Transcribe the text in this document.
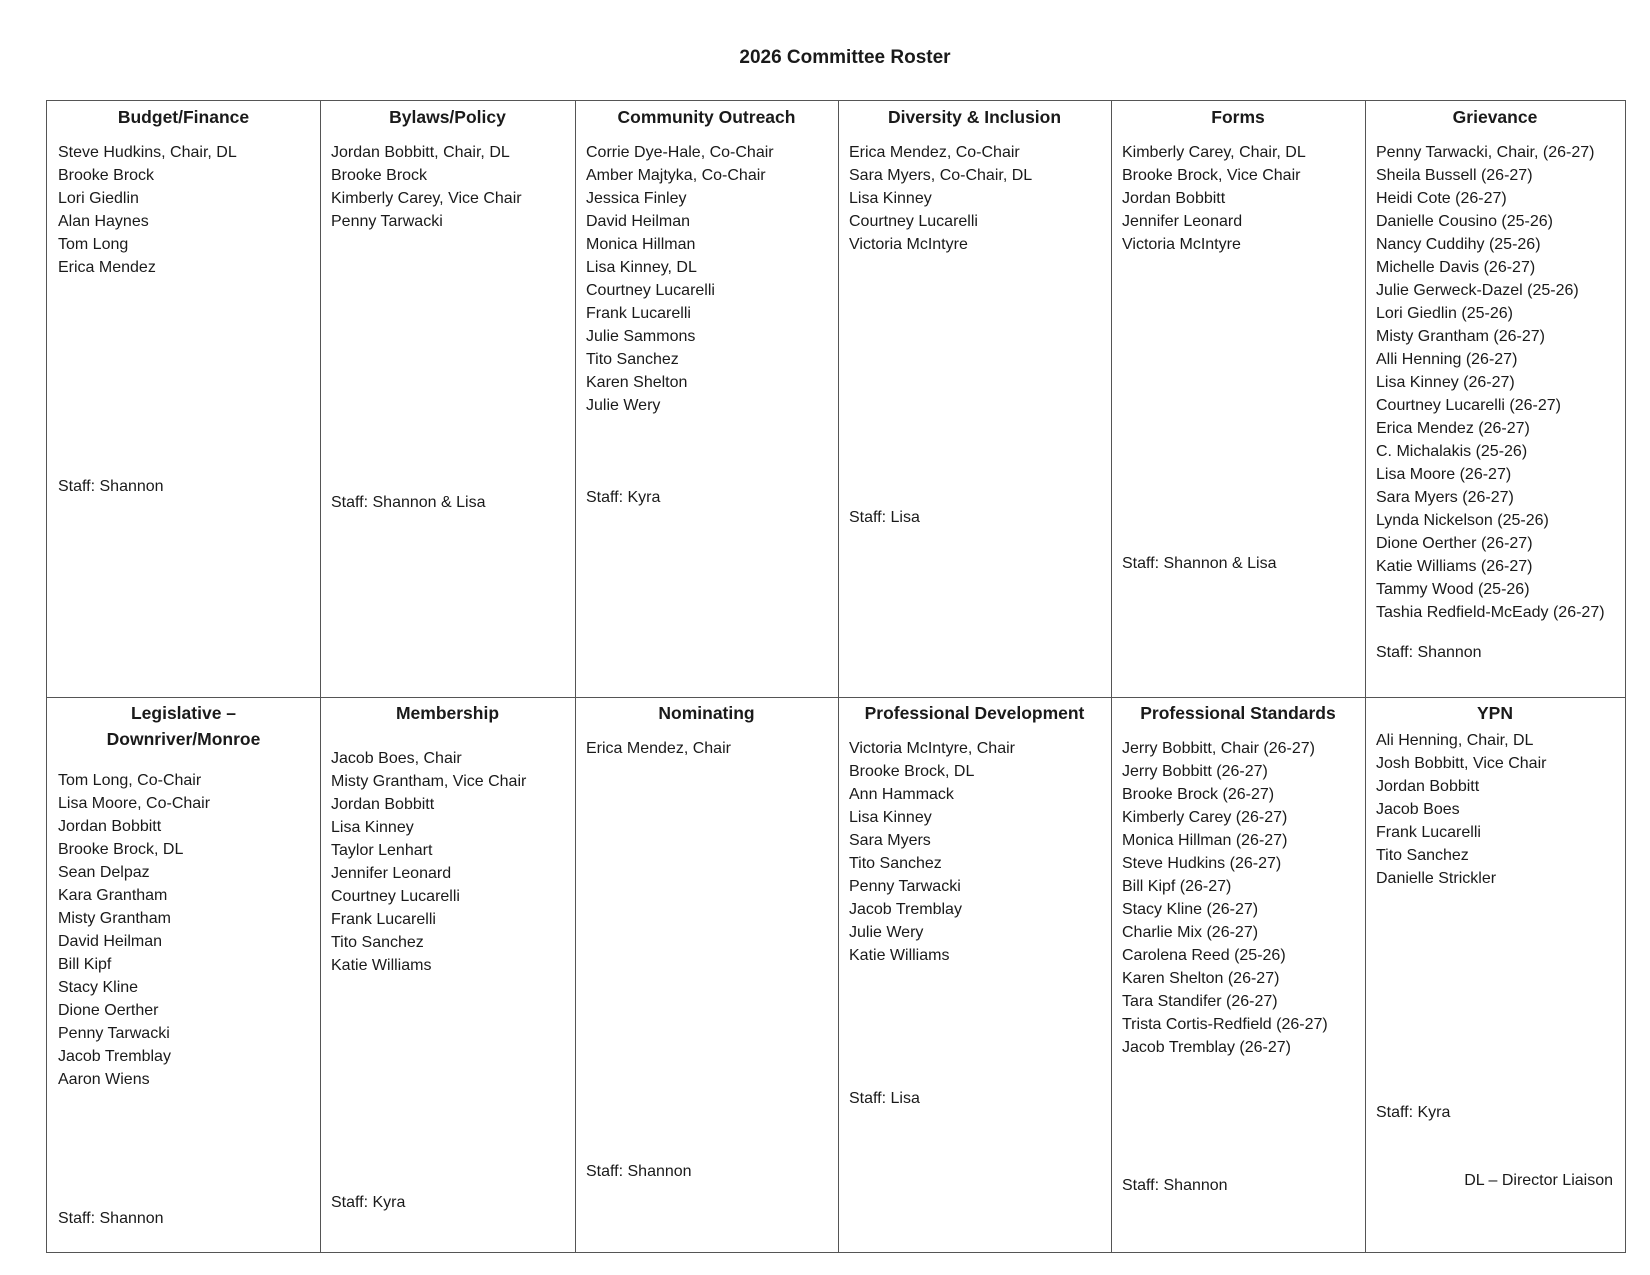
2026 Committee Roster
Budget/Finance
Steve Hudkins, Chair, DL
Brooke Brock
Lori Giedlin
Alan Haynes
Tom Long
Erica Mendez
Staff: Shannon
Bylaws/Policy
Jordan Bobbitt, Chair, DL
Brooke Brock
Kimberly Carey, Vice Chair
Penny Tarwacki
Staff: Shannon & Lisa
Community Outreach
Corrie Dye-Hale, Co-Chair
Amber Majtyka, Co-Chair
Jessica Finley
David Heilman
Monica Hillman
Lisa Kinney, DL
Courtney Lucarelli
Frank Lucarelli
Julie Sammons
Tito Sanchez
Karen Shelton
Julie Wery
Staff: Kyra
Diversity & Inclusion
Erica Mendez, Co-Chair
Sara Myers, Co-Chair, DL
Lisa Kinney
Courtney Lucarelli
Victoria McIntyre
Staff: Lisa
Forms
Kimberly Carey, Chair, DL
Brooke Brock, Vice Chair
Jordan Bobbitt
Jennifer Leonard
Victoria McIntyre
Staff: Shannon & Lisa
Grievance
Penny Tarwacki, Chair, (26-27)
Sheila Bussell (26-27)
Heidi Cote (26-27)
Danielle Cousino (25-26)
Nancy Cuddihy (25-26)
Michelle Davis (26-27)
Julie Gerweck-Dazel (25-26)
Lori Giedlin (25-26)
Misty Grantham (26-27)
Alli Henning (26-27)
Lisa Kinney (26-27)
Courtney Lucarelli (26-27)
Erica Mendez (26-27)
C. Michalakis (25-26)
Lisa Moore (26-27)
Sara Myers (26-27)
Lynda Nickelson (25-26)
Dione Oerther (26-27)
Katie Williams (26-27)
Tammy Wood (25-26)
Tashia Redfield-McEady (26-27)
Staff: Shannon
Legislative –
Downriver/Monroe
Tom Long, Co-Chair
Lisa Moore, Co-Chair
Jordan Bobbitt
Brooke Brock, DL
Sean Delpaz
Kara Grantham
Misty Grantham
David Heilman
Bill Kipf
Stacy Kline
Dione Oerther
Penny Tarwacki
Jacob Tremblay
Aaron Wiens
Staff: Shannon
Membership
Jacob Boes, Chair
Misty Grantham, Vice Chair
Jordan Bobbitt
Lisa Kinney
Taylor Lenhart
Jennifer Leonard
Courtney Lucarelli
Frank Lucarelli
Tito Sanchez
Katie Williams
Staff: Kyra
Nominating
Erica Mendez, Chair
Staff: Shannon
Professional Development
Victoria McIntyre, Chair
Brooke Brock, DL
Ann Hammack
Lisa Kinney
Sara Myers
Tito Sanchez
Penny Tarwacki
Jacob Tremblay
Julie Wery
Katie Williams
Staff: Lisa
Professional Standards
Jerry Bobbitt, Chair (26-27)
Jerry Bobbitt (26-27)
Brooke Brock (26-27)
Kimberly Carey (26-27)
Monica Hillman (26-27)
Steve Hudkins (26-27)
Bill Kipf (26-27)
Stacy Kline (26-27)
Charlie Mix (26-27)
Carolena Reed (25-26)
Karen Shelton (26-27)
Tara Standifer (26-27)
Trista Cortis-Redfield (26-27)
Jacob Tremblay (26-27)
Staff: Shannon
YPN
Ali Henning, Chair, DL
Josh Bobbitt, Vice Chair
Jordan Bobbitt
Jacob Boes
Frank Lucarelli
Tito Sanchez
Danielle Strickler
Staff: Kyra
DL – Director Liaison
